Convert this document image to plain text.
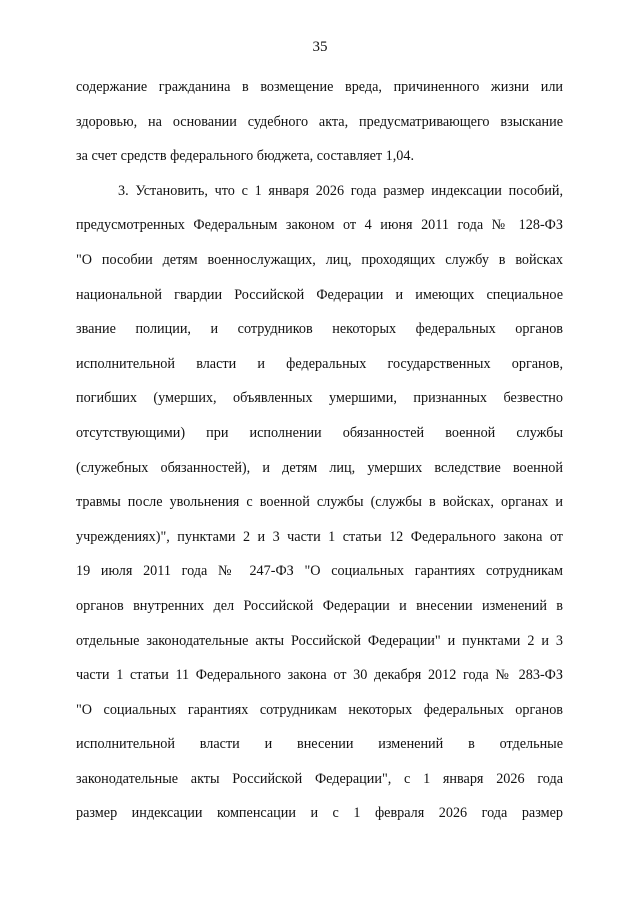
35
содержание гражданина в возмещение вреда, причиненного жизни или
здоровью, на основании судебного акта, предусматривающего взыскание
за счет средств федерального бюджета, составляет 1,04.
3. Установить, что с 1 января 2026 года размер индексации пособий,
предусмотренных Федеральным законом от 4 июня 2011 года № 128-ФЗ
"О пособии детям военнослужащих, лиц, проходящих службу в войсках
национальной гвардии Российской Федерации и имеющих специальное
звание полиции, и сотрудников некоторых федеральных органов
исполнительной власти и федеральных государственных органов,
погибших (умерших, объявленных умершими, признанных безвестно
отсутствующими) при исполнении обязанностей военной службы
(служебных обязанностей), и детям лиц, умерших вследствие военной
травмы после увольнения с военной службы (службы в войсках, органах и
учреждениях)", пунктами 2 и 3 части 1 статьи 12 Федерального закона от
19 июля 2011 года № 247-ФЗ "О социальных гарантиях сотрудникам
органов внутренних дел Российской Федерации и внесении изменений в
отдельные законодательные акты Российской Федерации" и пунктами 2 и 3
части 1 статьи 11 Федерального закона от 30 декабря 2012 года № 283-ФЗ
"О социальных гарантиях сотрудникам некоторых федеральных органов
исполнительной власти и внесении изменений в отдельные
законодательные акты Российской Федерации", с 1 января 2026 года
размер индексации компенсации и с 1 февраля 2026 года размер
